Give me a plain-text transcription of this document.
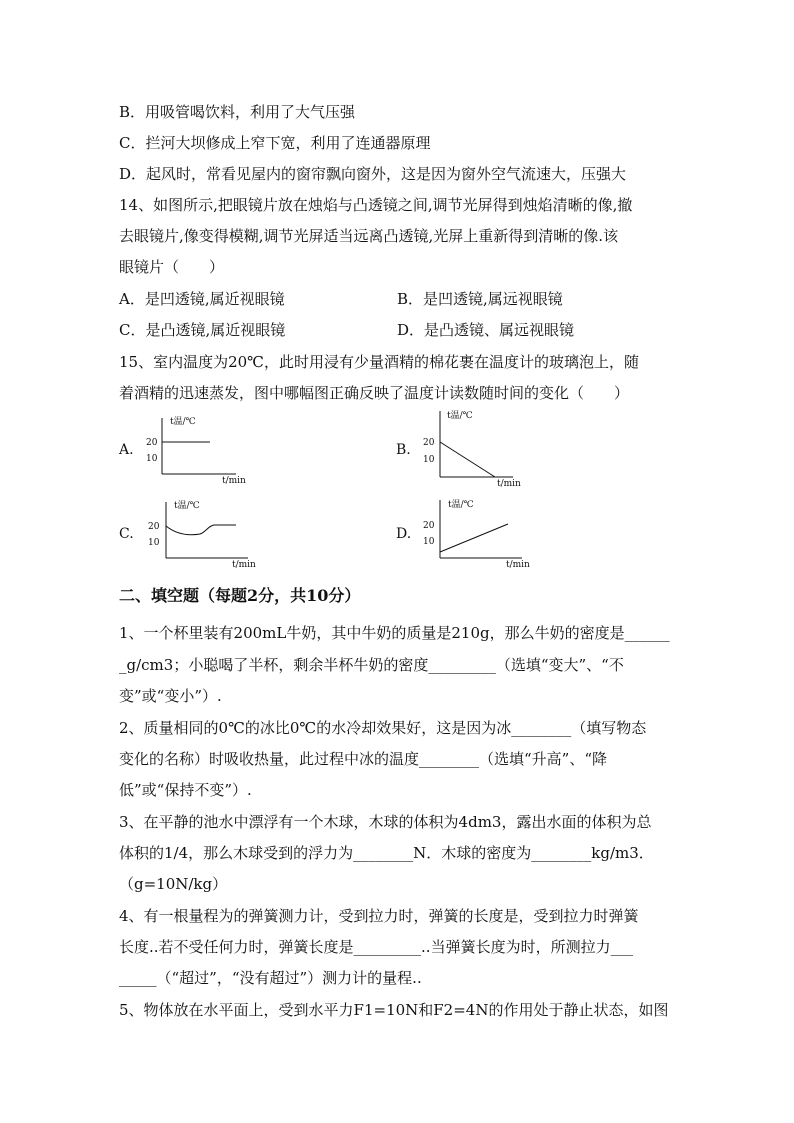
B．用吸管喝饮料，利用了大气压强
C．拦河大坝修成上窄下宽，利用了连通器原理
D．起风时，常看见屋内的窗帘飘向窗外，这是因为窗外空气流速大，压强大
14、如图所示,把眼镜片放在烛焰与凸透镜之间,调节光屏得到烛焰清晰的像,撤
去眼镜片,像变得模糊,调节光屏适当远离凸透镜,光屏上重新得到清晰的像.该
眼镜片（　　）
A．是凹透镜,属近视眼镜	B．是凹透镜,属远视眼镜
C．是凸透镜,属近视眼镜	D．是凸透镜、属远视眼镜
15、室内温度为20℃，此时用浸有少量酒精的棉花裹在温度计的玻璃泡上，随
着酒精的迅速蒸发，图中哪幅图正确反映了温度计读数随时间的变化（　　）
A.
t温/℃
20
10
t/min
B.
t温/℃
20
10
t/min
C.
t温/℃
20
10
t/min
D.
t温/℃
20
10
t/min
二、填空题（每题2分，共10分）
1、一个杯里装有200mL牛奶，其中牛奶的质量是210g，那么牛奶的密度是______
_g/cm3；小聪喝了半杯，剩余半杯牛奶的密度_________（选填“变大”、“不
变”或“变小”）.
2、质量相同的0℃的冰比0℃的水冷却效果好，这是因为冰________（填写物态
变化的名称）时吸收热量，此过程中冰的温度________（选填“升高”、“降
低”或“保持不变”）.
3、在平静的池水中漂浮有一个木球，木球的体积为4dm3，露出水面的体积为总
体积的1/4，那么木球受到的浮力为________N．木球的密度为________kg/m3．
（g=10N/kg）
4、有一根量程为的弹簧测力计，受到拉力时，弹簧的长度是，受到拉力时弹簧
长度..若不受任何力时，弹簧长度是_________..当弹簧长度为时，所测拉力___
_____（“超过”，“没有超过”）测力计的量程..
5、物体放在水平面上，受到水平力F1=10N和F2=4N的作用处于静止状态，如图
